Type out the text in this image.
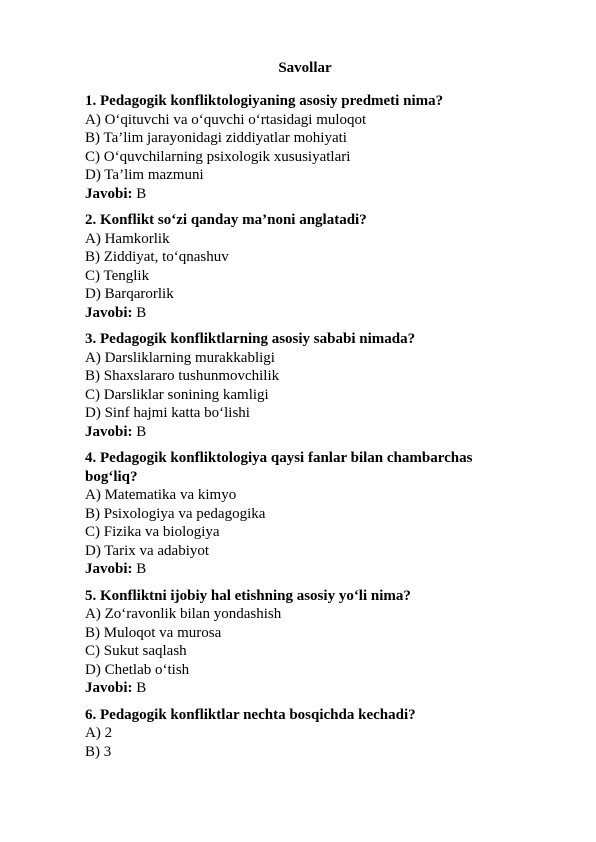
Savollar

1. Pedagogik konfliktologiyaning asosiy predmeti nima?

A) O‘qituvchi va o‘quvchi o‘rtasidagi muloqot

B) Ta’lim jarayonidagi ziddiyatlar mohiyati

C) O‘quvchilarning psixologik xususiyatlari

D) Ta’lim mazmuni

Javobi: B

2. Konflikt so‘zi qanday ma’noni anglatadi?

A) Hamkorlik

B) Ziddiyat, to‘qnashuv

C) Tenglik

D) Barqarorlik

Javobi: B

3. Pedagogik konfliktlarning asosiy sababi nimada?

A) Darsliklarning murakkabligi

B) Shaxslararo tushunmovchilik

C) Darsliklar sonining kamligi

D) Sinf hajmi katta bo‘lishi

Javobi: B

4. Pedagogik konfliktologiya qaysi fanlar bilan chambarchas bog‘liq?

A) Matematika va kimyo

B) Psixologiya va pedagogika

C) Fizika va biologiya

D) Tarix va adabiyot

Javobi: B

5. Konfliktni ijobiy hal etishning asosiy yo‘li nima?

A) Zo‘ravonlik bilan yondashish

B) Muloqot va murosa

C) Sukut saqlash

D) Chetlab o‘tish

Javobi: B

6. Pedagogik konfliktlar nechta bosqichda kechadi?

A) 2

B) 3
